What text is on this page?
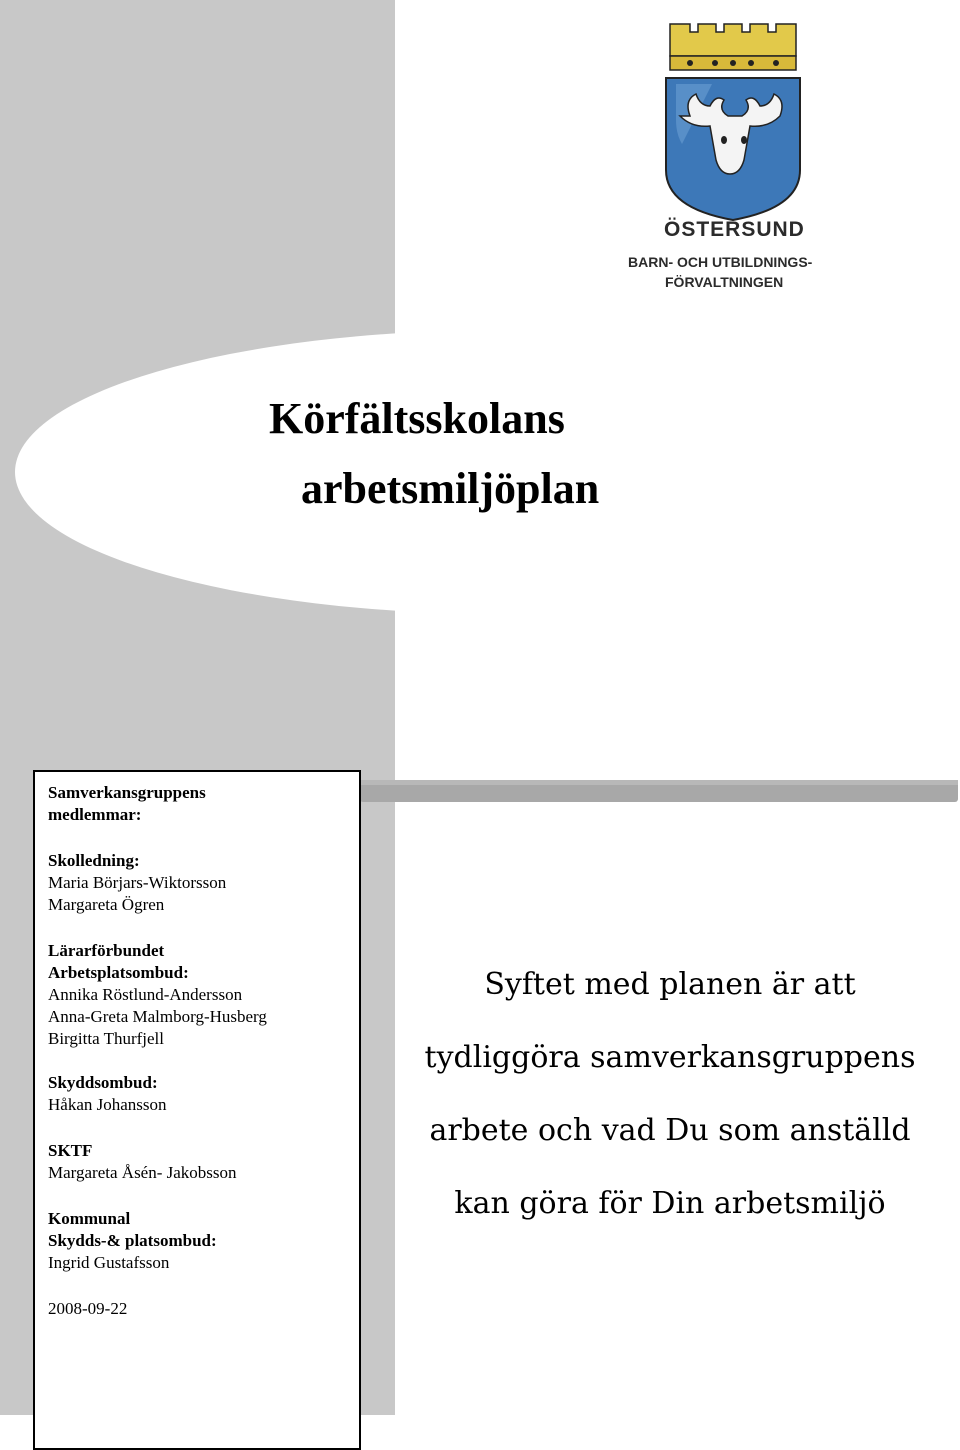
ÖSTERSUND
BARN- OCH UTBILDNINGS-
FÖRVALTNINGEN
Körfältsskolans
arbetsmiljöplan
Samverkansgruppens
medlemmar:
Skolledning:
Maria Börjars-Wiktorsson
Margareta Ögren
Lärarförbundet
Arbetsplatsombud:
Annika Röstlund-Andersson
Anna-Greta Malmborg-Husberg
Birgitta Thurfjell
Skyddsombud:
Håkan Johansson
SKTF
Margareta Åsén- Jakobsson
Kommunal
Skydds-& platsombud:
Ingrid Gustafsson
2008-09-22
Syftet med planen är att
tydliggöra samverkansgruppens
arbete och vad Du som anställd
kan göra för Din arbetsmiljö
